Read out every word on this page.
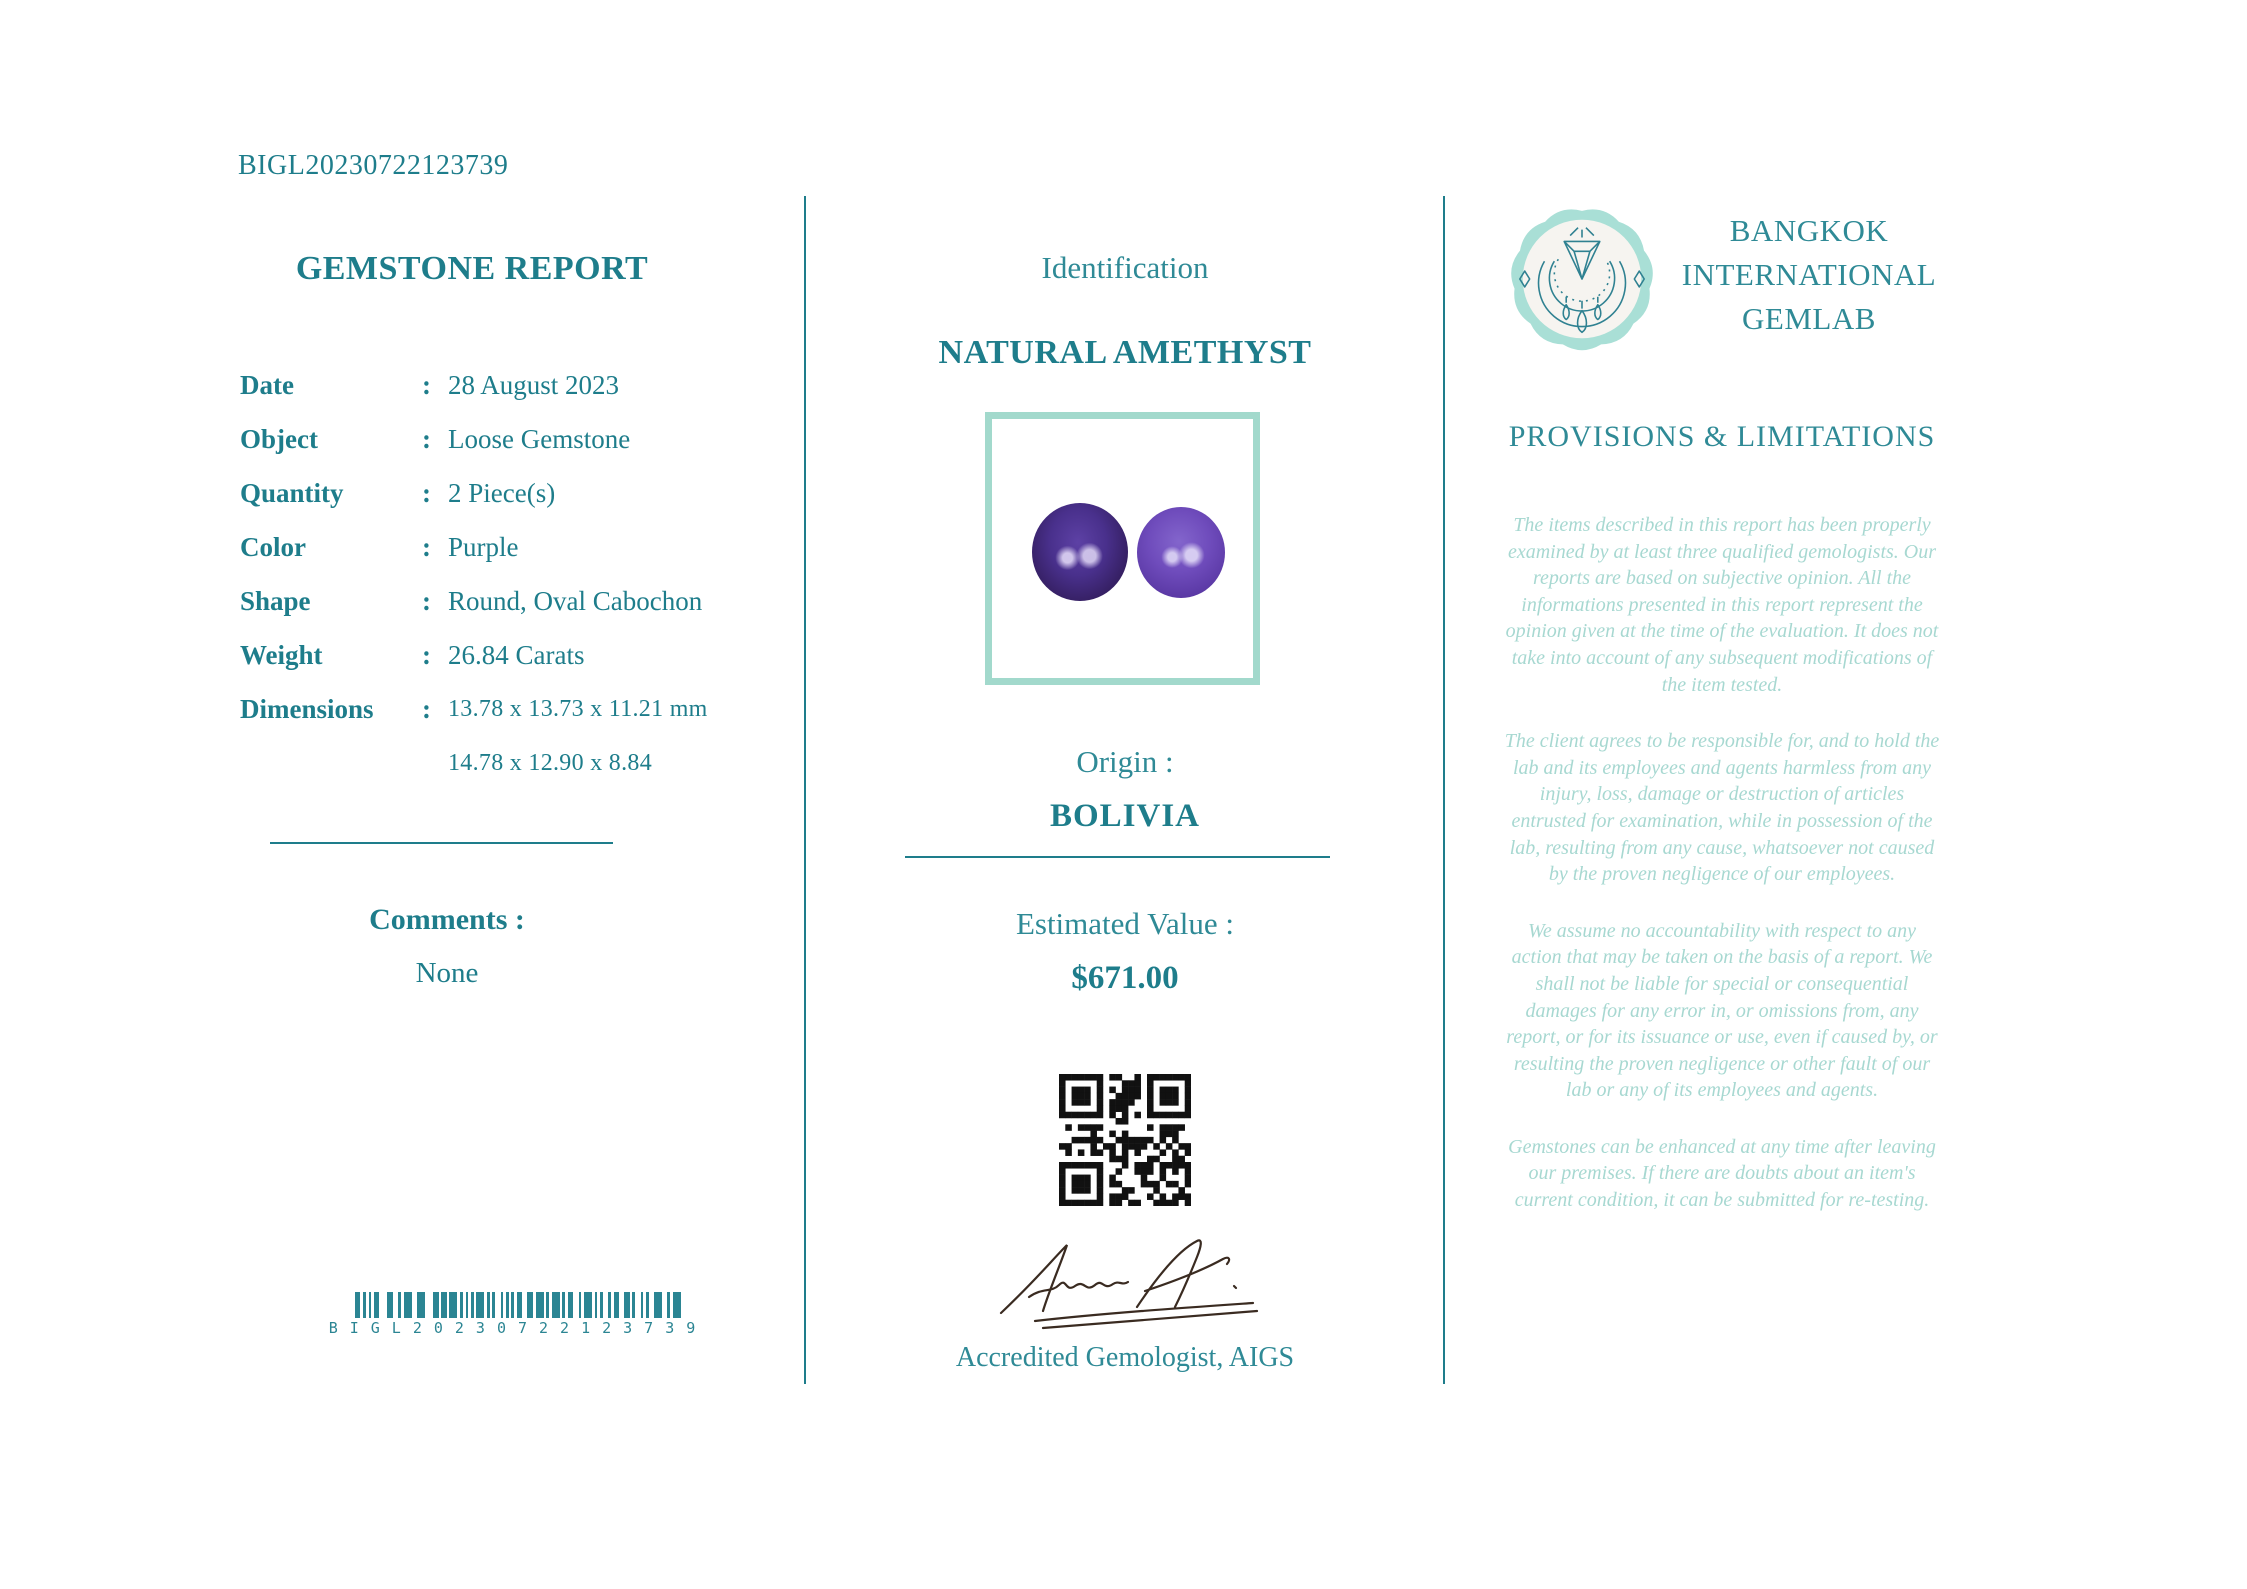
BIGL20230722123739
GEMSTONE REPORT
Date :	28 August 2023
Object :	Loose Gemstone
Quantity :	2 Piece(s)
Color :	Purple
Shape :	Round, Oval Cabochon
Weight :	26.84 Carats
Dimensions :	13.78 x 13.73 x 11.21 mm
14.78 x 12.90 x 8.84
Comments :
None
BIGL20230722123739
Identification
NATURAL AMETHYST
Origin :
BOLIVIA
Estimated Value :
$671.00
Accredited Gemologist, AIGS
BANGKOK
INTERNATIONAL
GEMLAB
PROVISIONS & LIMITATIONS

The items described in this report has been properly examined by at least three qualified gemologists. Our reports are based on subjective opinion. All the informations presented in this report represent the opinion given at the time of the evaluation. It does not take into account of any subsequent modifications of the item tested.

The client agrees to be responsible for, and to hold the lab and its employees and agents harmless from any injury, loss, damage or destruction of articles entrusted for examination, while in possession of the lab, resulting from any cause, whatsoever not caused by the proven negligence of our employees.

We assume no accountability with respect to any action that may be taken on the basis of a report. We shall not be liable for special or consequential damages for any error in, or omissions from, any report, or for its issuance or use, even if caused by, or resulting the proven negligence or other fault of our lab or any of its employees and agents.

Gemstones can be enhanced at any time after leaving our premises. If there are doubts about an item's current condition, it can be submitted for re-testing.
